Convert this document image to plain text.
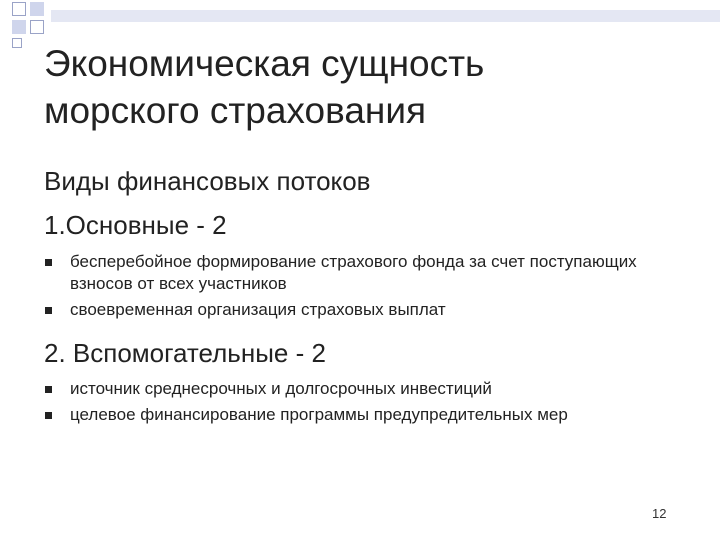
Экономическая сущность
морского страхования
Виды финансовых потоков
1.Основные - 2
бесперебойное формирование страхового фонда за счет поступающих взносов от всех участников
своевременная организация страховых выплат
2. Вспомогательные - 2
источник среднесрочных и долгосрочных инвестиций
целевое финансирование программы предупредительных мер
12
